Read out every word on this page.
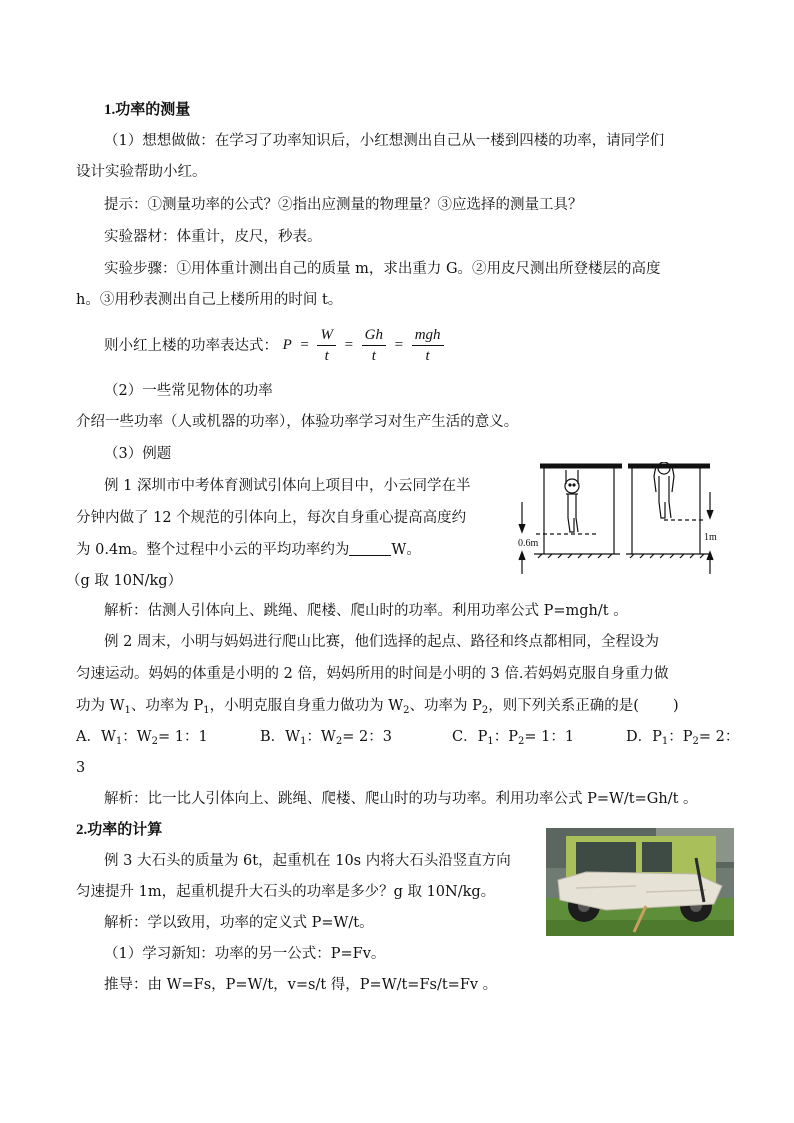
1.功率的测量
（1）想想做做：在学习了功率知识后，小红想测出自己从一楼到四楼的功率，请同学们
设计实验帮助小红。
提示：①测量功率的公式？②指出应测量的物理量？③应选择的测量工具？
实验器材：体重计，皮尺，秒表。
实验步骤：①用体重计测出自己的质量 m，求出重力 G。②用皮尺测出所登楼层的高度
h。③用秒表测出自己上楼所用的时间 t。
则小红上楼的功率表达式： $P = \frac{W}{t} = \frac{Gh}{t} = \frac{\text{mgh}}{t}$
（2）一些常见物体的功率
介绍一些功率（人或机器的功率），体验功率学习对生产生活的意义。
（3）例题
例 1 深圳市中考体育测试引体向上项目中，小云同学在半
分钟内做了 12 个规范的引体向上，每次自身重心提高高度约
为 0.4m。整个过程中小云的平均功率约为	W。
（g 取 10N/kg）
0.6m
1m
解析：估测人引体向上、跳绳、爬楼、爬山时的功率。利用功率公式 P=mgh/t 。
例 2 周末，小明与妈妈进行爬山比赛，他们选择的起点、路径和终点都相同，全程设为
匀速运动。妈妈的体重是小明的 2 倍，妈妈所用的时间是小明的 3 倍.若妈妈克服自身重力做
功为 $W_1$、功率为 $P_1$，小明克服自身重力做功为 $W_2$、功率为 $P_2$，则下列关系正确的是( )
A．$W_1$：$W_2= 1$：1	B．$W_1$：$W_2= 2$：3	C．$P_1$：$P_2= 1$：1	D．$P_1$：$P_2= 2$：
3
解析：比一比人引体向上、跳绳、爬楼、爬山时的功与功率。利用功率公式 P=W/t=Gh/t 。
2.功率的计算
例 3 大石头的质量为 6t，起重机在 10s 内将大石头沿竖直方向
匀速提升 1m，起重机提升大石头的功率是多少？g 取 10N/kg。
解析：学以致用，功率的定义式 P=W/t。
（1）学习新知：功率的另一公式：P=Fv。
推导：由 W=Fs，P=W/t，v=s/t 得，P=W/t=Fs/t=Fv 。
